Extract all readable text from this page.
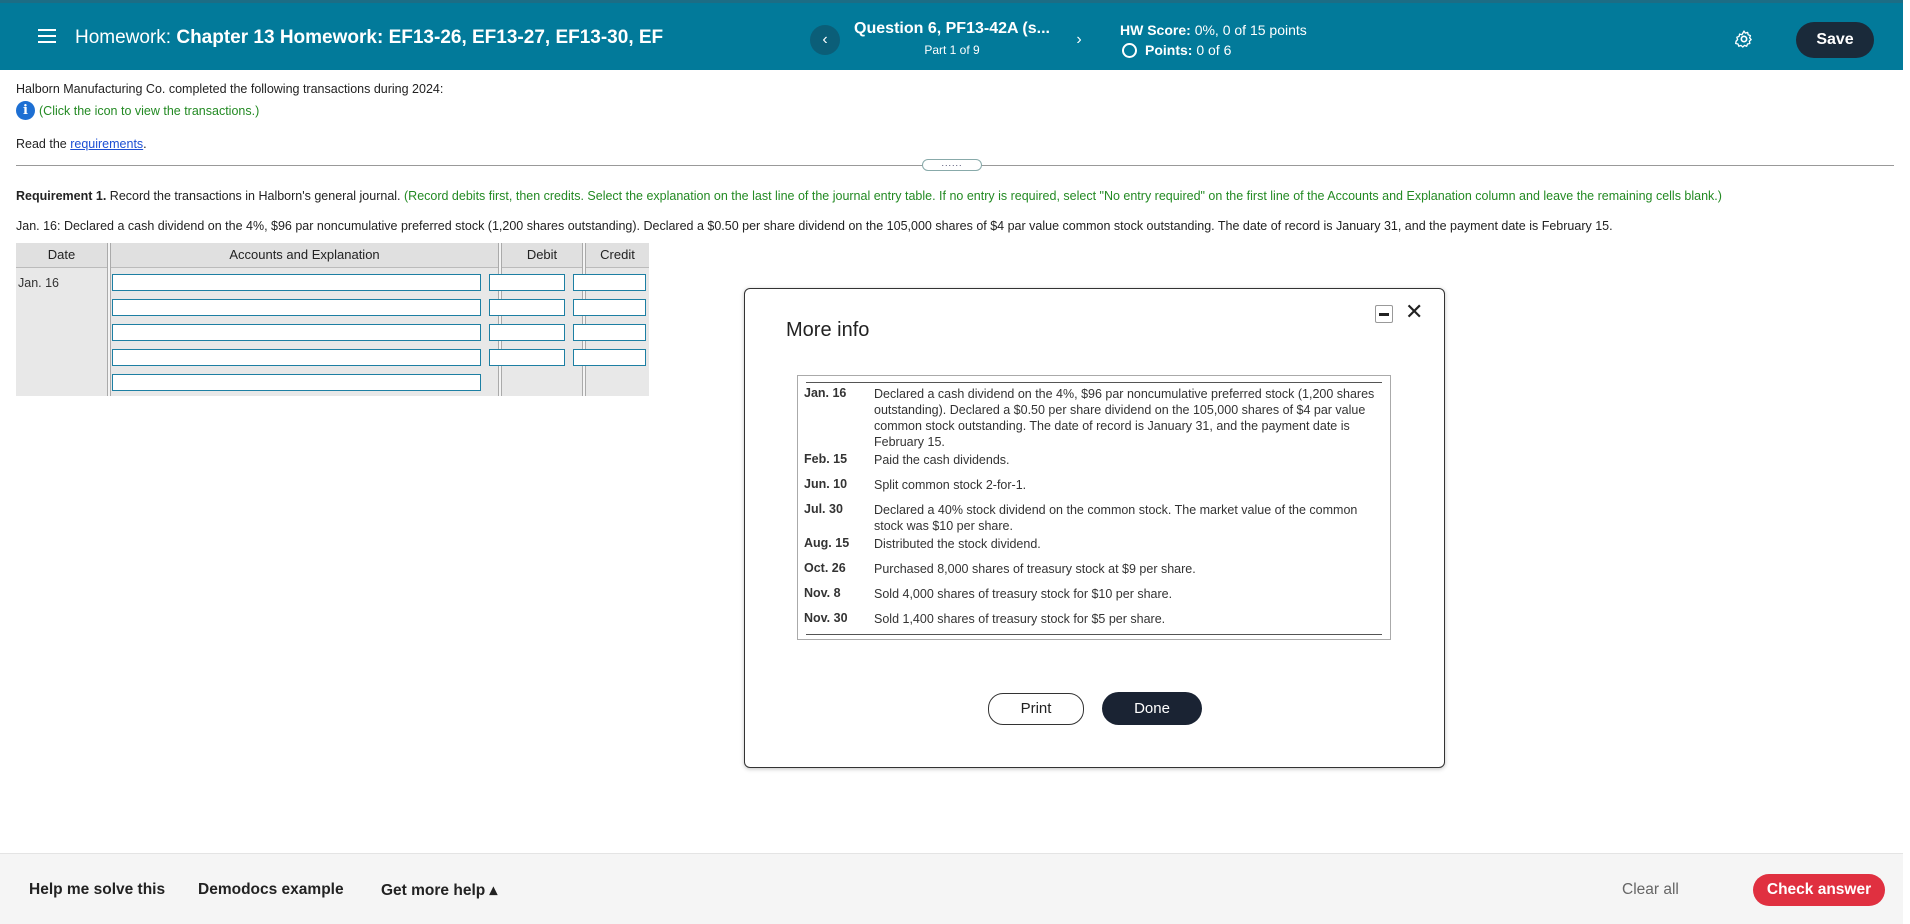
Homework: Chapter 13 Homework: EF13-26, EF13-27, EF13-30, EF	‹
Question 6, PF13-42A (s...
Part 1 of 9
›
HW Score: 0%, 0 of 15 points
Points:
0 of 6
Save
Halborn Manufacturing Co. completed the following transactions during 2024:
i (Click the icon to view the transactions.)
Read the requirements.
......
Requirement 1. Record the transactions in Halborn's general journal. (Record debits first, then credits. Select the explanation on the last line of the journal entry table. If no entry is required, select "No entry required" on the first line of the Accounts and Explanation column and leave the remaining cells blank.)
Jan. 16: Declared a cash dividend on the 4%, $96 par noncumulative preferred stock (1,200 shares outstanding). Declared a $0.50 per share dividend on the 105,000 shares of $4 par value common stock outstanding. The date of record is January 31, and the payment date is February 15.
Date	Accounts and Explanation	Debit	Credit
Jan. 16
More info
✕
Jan. 16	Declared a cash dividend on the 4%, $96 par noncumulative preferred stock (1,200 shares outstanding). Declared a $0.50 per share dividend on the 105,000 shares of $4 par value common stock outstanding. The date of record is January 31, and the payment date is February 15.
Feb. 15	Paid the cash dividends.
Jun. 10	Split common stock 2-for-1.
Jul. 30	Declared a 40% stock dividend on the common stock. The market value of the common stock was $10 per share.
Aug. 15	Distributed the stock dividend.
Oct. 26	Purchased 8,000 shares of treasury stock at $9 per share.
Nov. 8	Sold 4,000 shares of treasury stock for $10 per share.
Nov. 30	Sold 1,400 shares of treasury stock for $5 per share.
Print	Done
Help me solve this Demodocs example Get more help ▴	Clear all	Check answer
